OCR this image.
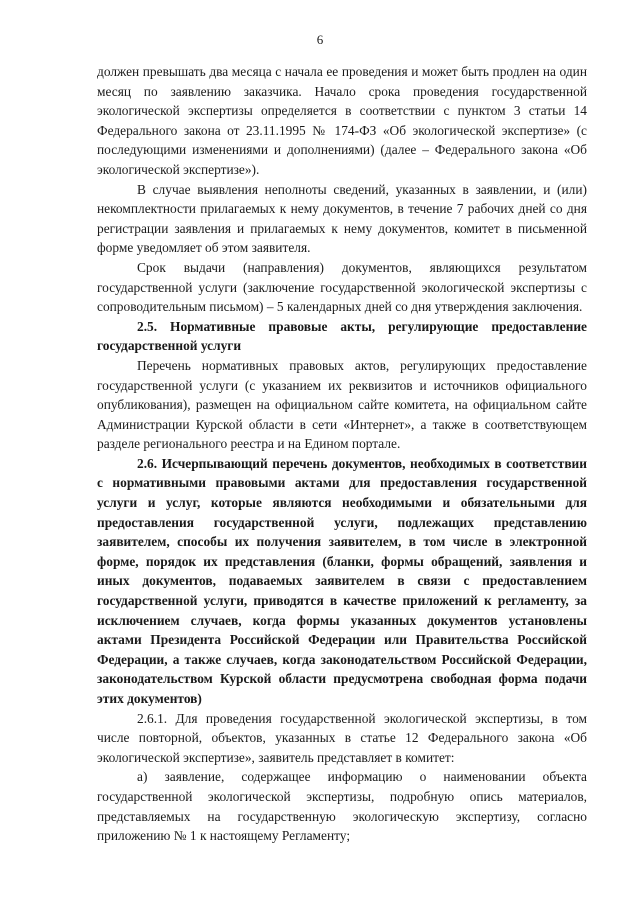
6

должен превышать два месяца с начала ее проведения и может быть продлен на один месяц по заявлению заказчика. Начало срока проведения государственной экологической экспертизы определяется в соответствии с пунктом 3 статьи 14 Федерального закона от 23.11.1995 № 174-ФЗ «Об экологической экспертизе» (с последующими изменениями и дополнениями) (далее – Федерального закона «Об экологической экспертизе»).

В случае выявления неполноты сведений, указанных в заявлении, и (или) некомплектности прилагаемых к нему документов, в течение 7 рабочих дней со дня регистрации заявления и прилагаемых к нему документов, комитет в письменной форме уведомляет об этом заявителя.

Срок выдачи (направления) документов, являющихся результатом государственной услуги (заключение государственной экологической экспертизы с сопроводительным письмом) – 5 календарных дней со дня утверждения заключения.

2.5. Нормативные правовые акты, регулирующие предоставление государственной услуги

Перечень нормативных правовых актов, регулирующих предоставление государственной услуги (с указанием их реквизитов и источников официального опубликования), размещен на официальном сайте комитета, на официальном сайте Администрации Курской области в сети «Интернет», а также в соответствующем разделе регионального реестра и на Едином портале.

2.6. Исчерпывающий перечень документов, необходимых в соответствии с нормативными правовыми актами для предоставления государственной услуги и услуг, которые являются необходимыми и обязательными для предоставления государственной услуги, подлежащих представлению заявителем, способы их получения заявителем, в том числе в электронной форме, порядок их представления (бланки, формы обращений, заявления и иных документов, подаваемых заявителем в связи с предоставлением государственной услуги, приводятся в качестве приложений к регламенту, за исключением случаев, когда формы указанных документов установлены актами Президента Российской Федерации или Правительства Российской Федерации, а также случаев, когда законодательством Российской Федерации, законодательством Курской области предусмотрена свободная форма подачи этих документов)

2.6.1. Для проведения государственной экологической экспертизы, в том числе повторной, объектов, указанных в статье 12 Федерального закона «Об экологической экспертизе», заявитель представляет в комитет:

а) заявление, содержащее информацию о наименовании объекта государственной экологической экспертизы, подробную опись материалов, представляемых на государственную экологическую экспертизу, согласно приложению № 1 к настоящему Регламенту;
